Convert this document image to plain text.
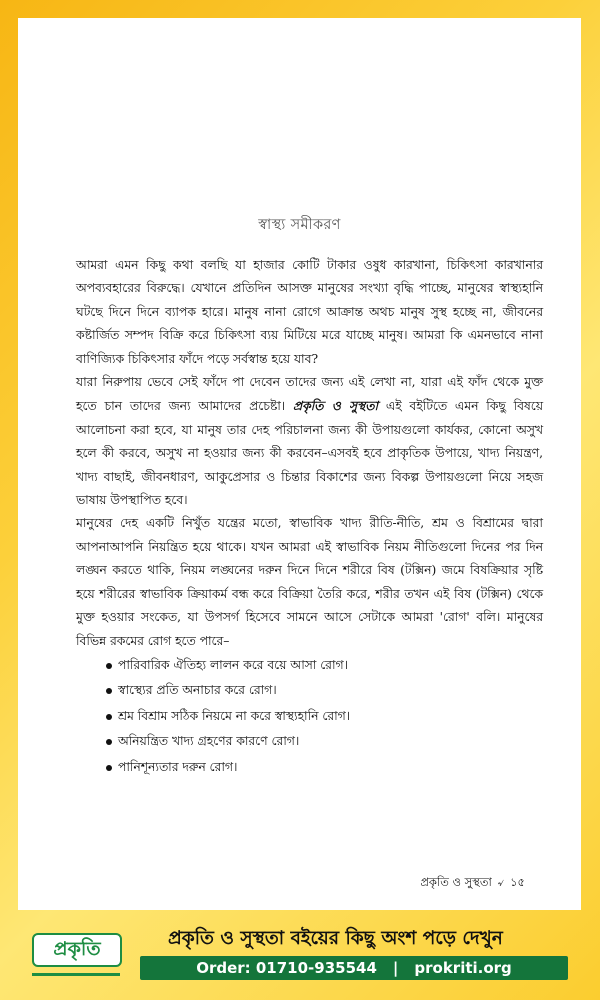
স্বাস্থ্য সমীকরণ

আমরা এমন কিছু কথা বলছি যা হাজার কোটি টাকার ওষুধ কারখানা, চিকিৎসা কারখানার অপব্যবহারের বিরুদ্ধে। যেখানে প্রতিদিন আসক্ত মানুষের সংখ্যা বৃদ্ধি পাচ্ছে, মানুষের স্বাস্থ্যহানি ঘটছে দিনে দিনে ব্যাপক হারে। মানুষ নানা রোগে আক্রান্ত অথচ মানুষ সুস্থ হচ্ছে না, জীবনের কষ্টার্জিত সম্পদ বিক্রি করে চিকিৎসা ব্যয় মিটিয়ে মরে যাচ্ছে মানুষ। আমরা কি এমনভাবে নানা বাণিজ্যিক চিকিৎসার ফাঁদে পড়ে সর্বস্বান্ত হয়ে যাব?

যারা নিরুপায় ভেবে সেই ফাঁদে পা দেবেন তাদের জন্য এই লেখা না, যারা এই ফাঁদ থেকে মুক্ত হতে চান তাদের জন্য আমাদের প্রচেষ্টা। প্রকৃতি ও সুস্থতা এই বইটিতে এমন কিছু বিষয়ে আলোচনা করা হবে, যা মানুষ তার দেহ পরিচালনা জন্য কী উপায়গুলো কার্যকর, কোনো অসুখ হলে কী করবে, অসুখ না হওয়ার জন্য কী করবেন–এসবই হবে প্রাকৃতিক উপায়ে, খাদ্য নিয়ন্ত্রণ, খাদ্য বাছাই, জীবনধারণ, আকুপ্রেসার ও চিন্তার বিকাশের জন্য বিকল্প উপায়গুলো নিয়ে সহজ ভাষায় উপস্থাপিত হবে।

মানুষের দেহ একটি নিখুঁত যন্ত্রের মতো, স্বাভাবিক খাদ্য রীতি-নীতি, শ্রম ও বিশ্রামের দ্বারা আপনাআপনি নিয়ন্ত্রিত হয়ে থাকে। যখন আমরা এই স্বাভাবিক নিয়ম নীতিগুলো দিনের পর দিন লঙ্ঘন করতে থাকি, নিয়ম লঙ্ঘনের দরুন দিনে দিনে শরীরে বিষ (টক্সিন) জমে বিষক্রিয়ার সৃষ্টি হয়ে শরীরের স্বাভাবিক ক্রিয়াকর্ম বন্ধ করে বিক্রিয়া তৈরি করে, শরীর তখন এই বিষ (টক্সিন) থেকে মুক্ত হওয়ার সংকেত, যা উপসর্গ হিসেবে সামনে আসে সেটাকে আমরা 'রোগ' বলি। মানুষের বিভিন্ন রকমের রোগ হতে পারে–

পারিবারিক ঐতিহ্য লালন করে বয়ে আসা রোগ।
স্বাস্থ্যের প্রতি অনাচার করে রোগ।
শ্রম বিশ্রাম সঠিক নিয়মে না করে স্বাস্থ্যহানি রোগ।
অনিয়ন্ত্রিত খাদ্য গ্রহণের কারণে রোগ।
পানিশূন্যতার দরুন রোগ।
প্রকৃতি ও সুস্থতা ৵ ১৫
প্রকৃতি	প্রকৃতি ও সুস্থতা বইয়ের কিছু অংশ পড়ে দেখুন
Order: 01710-935544 | prokriti.org
